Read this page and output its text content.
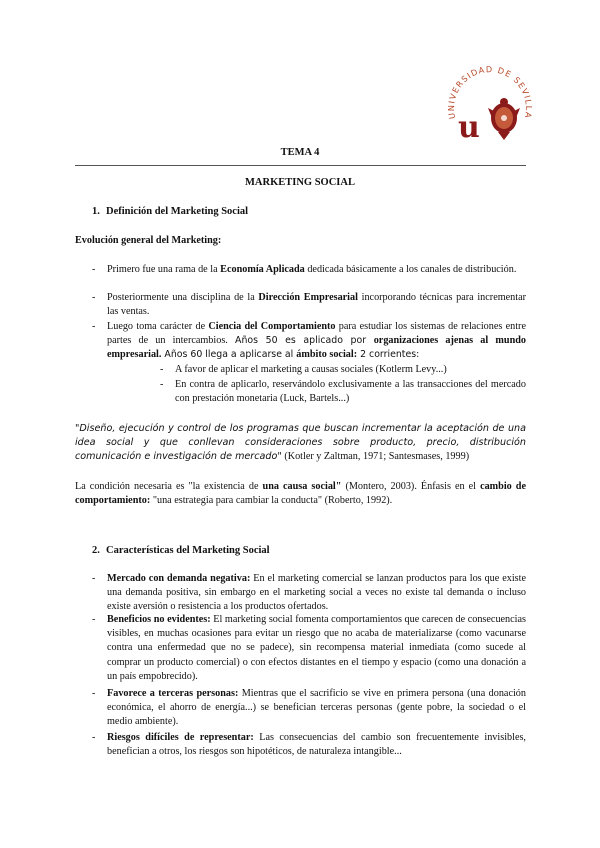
UNIVERSIDAD DE SEVILLA
u
TEMA 4
MARKETING SOCIAL
1. Definición del Marketing Social
Evolución general del Marketing:
- Primero fue una rama de la Economía Aplicada dedicada básicamente a los canales de distribución.
- Posteriormente una disciplina de la Dirección Empresarial incorporando técnicas para incrementar las ventas.
- Luego toma carácter de Ciencia del Comportamiento para estudiar los sistemas de relaciones entre partes de un intercambios. Años 50 es aplicado por organizaciones ajenas al mundo empresarial. Años 60 llega a aplicarse al ámbito social: 2 corrientes:
- A favor de aplicar el marketing a causas sociales (Kotlerm Levy...)
- En contra de aplicarlo, reservándolo exclusivamente a las transacciones del mercado con prestación monetaria (Luck, Bartels...)
"Diseño, ejecución y control de los programas que buscan incrementar la aceptación de una idea social y que conllevan consideraciones sobre producto, precio, distribución comunicación e investigación de mercado" (Kotler y Zaltman, 1971; Santesmases, 1999)
La condición necesaria es "la existencia de una causa social" (Montero, 2003). Énfasis en el cambio de comportamiento: "una estrategia para cambiar la conducta" (Roberto, 1992).
2. Características del Marketing Social
- Mercado con demanda negativa: En el marketing comercial se lanzan productos para los que existe una demanda positiva, sin embargo en el marketing social a veces no existe tal demanda o incluso existe aversión o resistencia a los productos ofertados.
- Beneficios no evidentes: El marketing social fomenta comportamientos que carecen de consecuencias visibles, en muchas ocasiones para evitar un riesgo que no acaba de materializarse (como vacunarse contra una enfermedad que no se padece), sin recompensa material inmediata (como sucede al comprar un producto comercial) o con efectos distantes en el tiempo y espacio (como una donación a un país empobrecido).
- Favorece a terceras personas: Mientras que el sacrificio se vive en primera persona (una donación económica, el ahorro de energía...) se benefician terceras personas (gente pobre, la sociedad o el medio ambiente).
- Riesgos difíciles de representar: Las consecuencias del cambio son frecuentemente invisibles, benefician a otros, los riesgos son hipotéticos, de naturaleza intangible...
